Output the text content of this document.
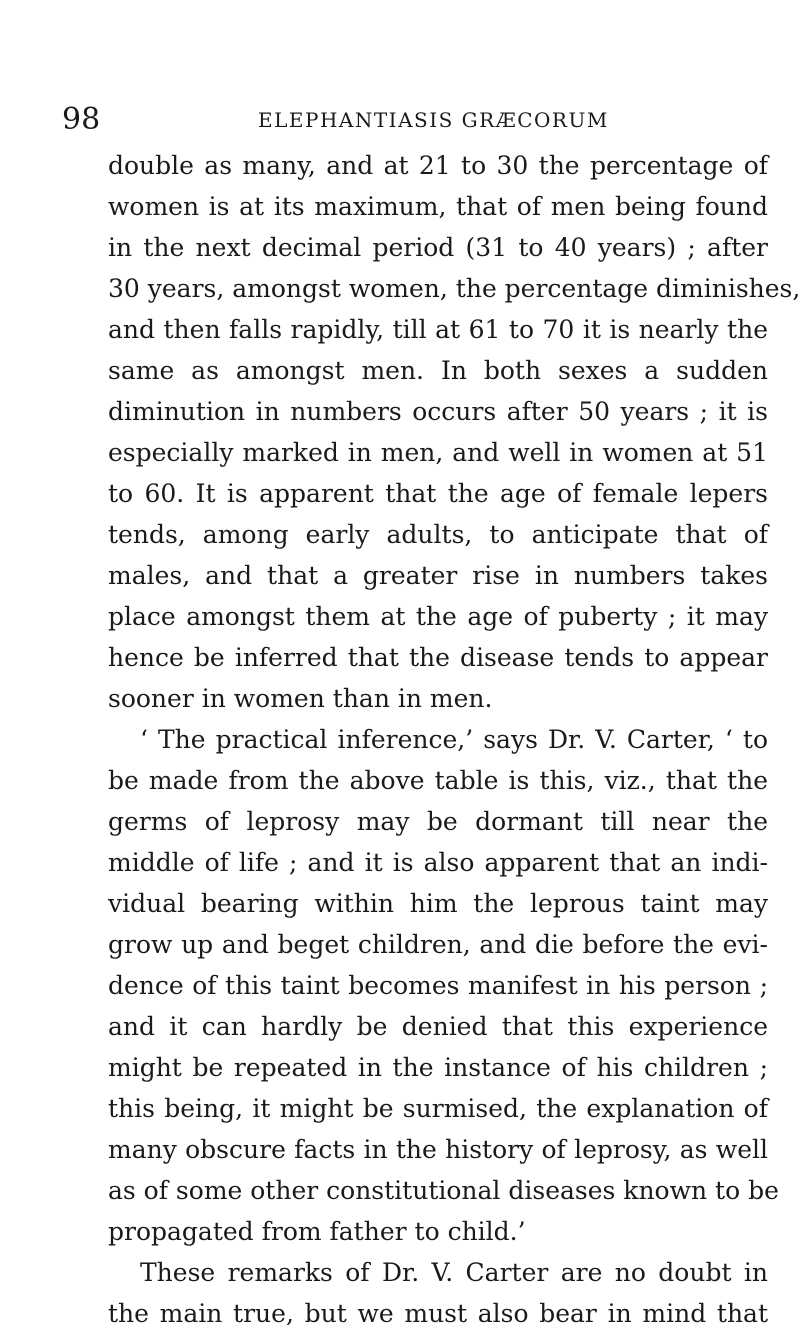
98	ELEPHANTIASIS GRÆCORUM
double as many, and at 21 to 30 the percentage of
women is at its maximum, that of men being found
in the next decimal period (31 to 40 years) ; after
30 years, amongst women, the percentage diminishes,
and then falls rapidly, till at 61 to 70 it is nearly the
same as amongst men. In both sexes a sudden
diminution in numbers occurs after 50 years ; it is
especially marked in men, and well in women at 51
to 60. It is apparent that the age of female lepers
tends, among early adults, to anticipate that of
males, and that a greater rise in numbers takes
place amongst them at the age of puberty ; it may
hence be inferred that the disease tends to appear
sooner in women than in men.
‘ The practical inference,’ says Dr. V. Carter, ‘ to
be made from the above table is this, viz., that the
germs of leprosy may be dormant till near the
middle of life ; and it is also apparent that an indi-
vidual bearing within him the leprous taint may
grow up and beget children, and die before the evi-
dence of this taint becomes manifest in his person ;
and it can hardly be denied that this experience
might be repeated in the instance of his children ;
this being, it might be surmised, the explanation of
many obscure facts in the history of leprosy, as well
as of some other constitutional diseases known to be
propagated from father to child.’
These remarks of Dr. V. Carter are no doubt in
the main true, but we must also bear in mind that
